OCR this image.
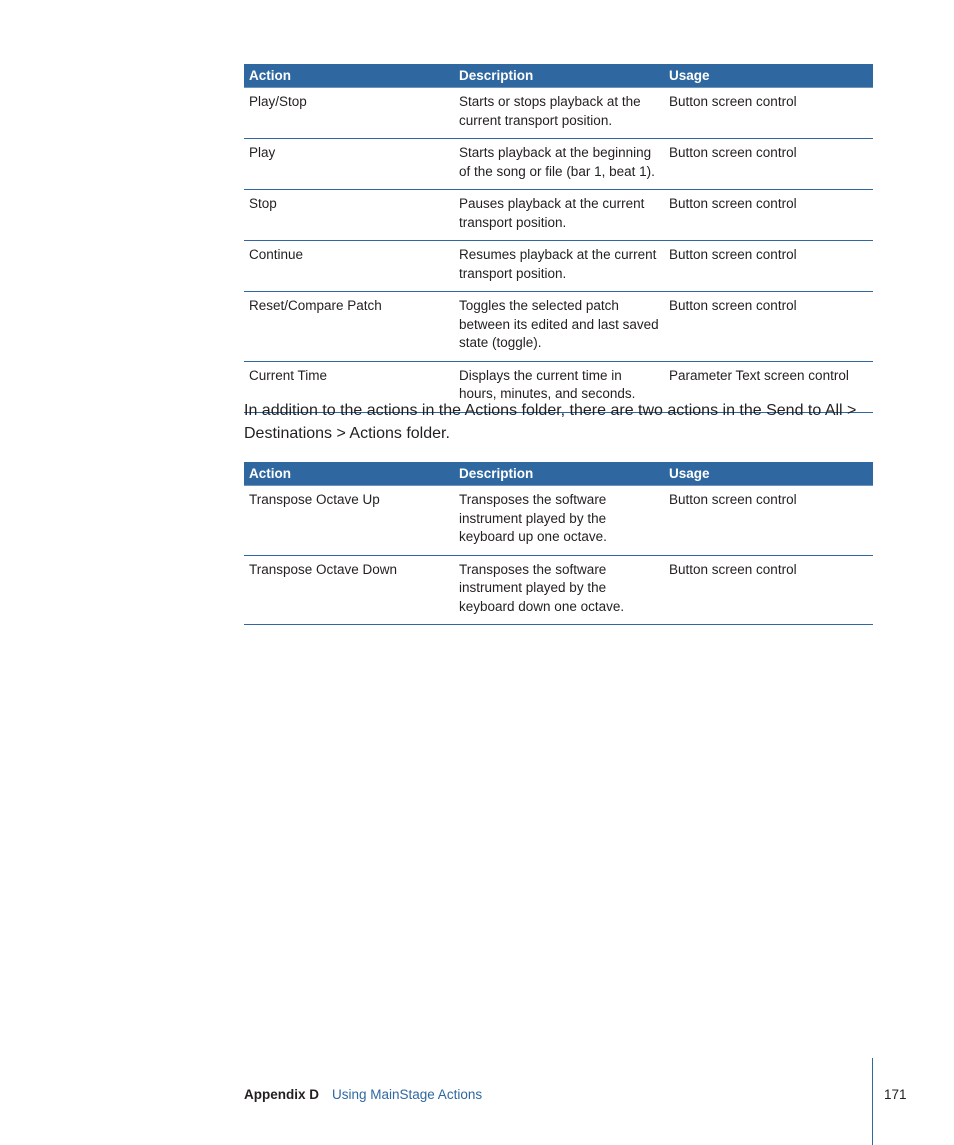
Action	Description	Usage
Play/Stop	Starts or stops playback at the current transport position.	Button screen control
Play	Starts playback at the beginning of the song or file (bar 1, beat 1).	Button screen control
Stop	Pauses playback at the current transport position.	Button screen control
Continue	Resumes playback at the current transport position.	Button screen control
Reset/Compare Patch	Toggles the selected patch between its edited and last saved state (toggle).	Button screen control
Current Time	Displays the current time in hours, minutes, and seconds.	Parameter Text screen control

In addition to the actions in the Actions folder, there are two actions in the Send to All > Destinations > Actions folder.

Action	Description	Usage
Transpose Octave Up	Transposes the software instrument played by the keyboard up one octave.	Button screen control
Transpose Octave Down	Transposes the software instrument played by the keyboard down one octave.	Button screen control
Appendix D Using MainStage Actions	171
